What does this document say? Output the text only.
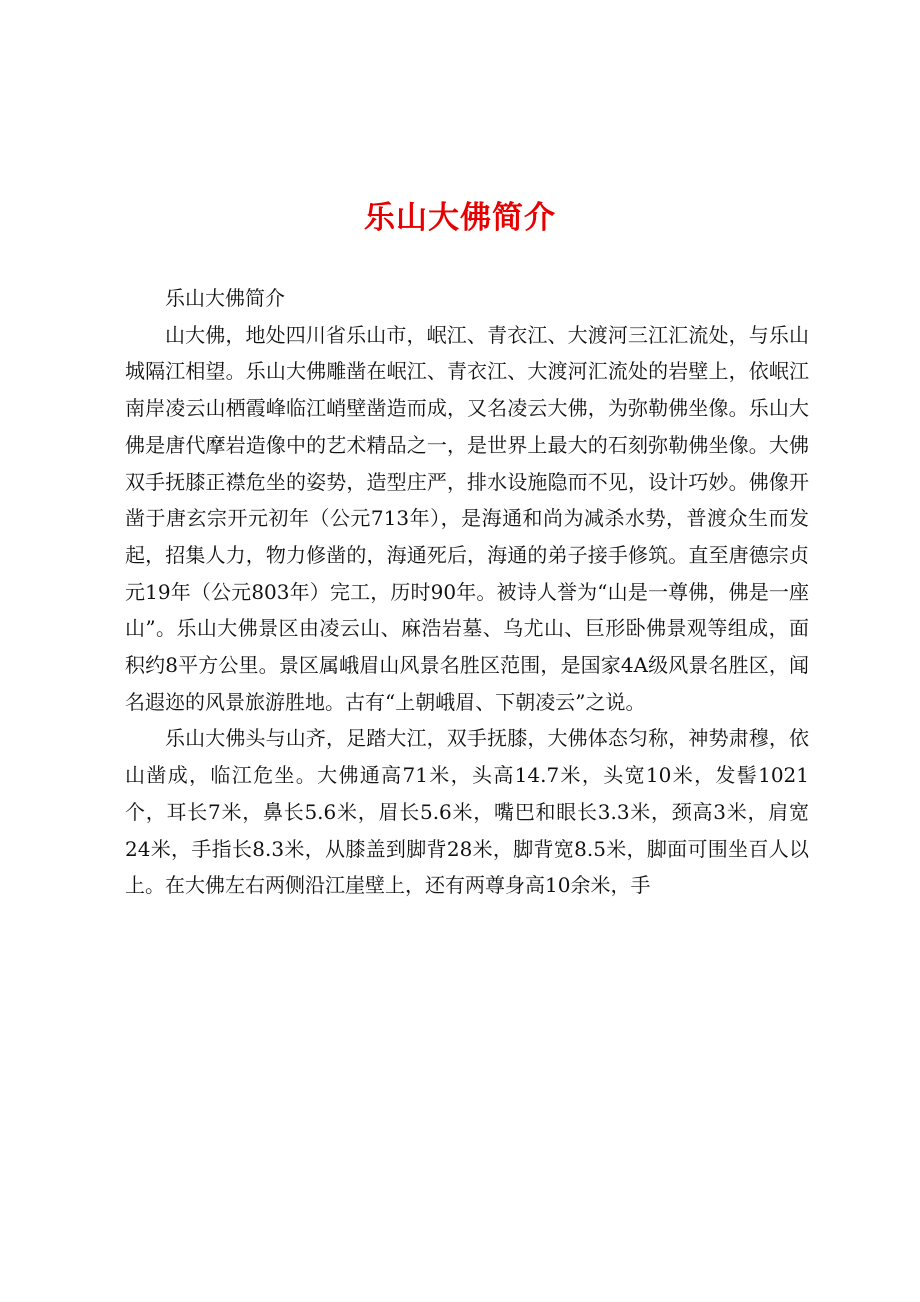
乐山大佛简介

乐山大佛简介

山大佛，地处四川省乐山市，岷江、青衣江、大渡河三江汇流处，与乐山城隔江相望。乐山大佛雕凿在岷江、青衣江、大渡河汇流处的岩壁上，依岷江南岸凌云山栖霞峰临江峭壁凿造而成，又名凌云大佛，为弥勒佛坐像。乐山大佛是唐代摩岩造像中的艺术精品之一，是世界上最大的石刻弥勒佛坐像。大佛双手抚膝正襟危坐的姿势，造型庄严，排水设施隐而不见，设计巧妙。佛像开凿于唐玄宗开元初年（公元713年），是海通和尚为减杀水势，普渡众生而发起，招集人力，物力修凿的，海通死后，海通的弟子接手修筑。直至唐德宗贞元19年（公元803年）完工，历时90年。被诗人誉为“山是一尊佛，佛是一座山”。乐山大佛景区由凌云山、麻浩岩墓、乌尤山、巨形卧佛景观等组成，面积约8平方公里。景区属峨眉山风景名胜区范围，是国家4A级风景名胜区，闻名遐迩的风景旅游胜地。古有“上朝峨眉、下朝凌云”之说。

乐山大佛头与山齐，足踏大江，双手抚膝，大佛体态匀称，神势肃穆，依山凿成，临江危坐。大佛通高71米，头高14.7米，头宽10米，发髻1021个，耳长7米，鼻长5.6米，眉长5.6米，嘴巴和眼长3.3米，颈高3米，肩宽24米，手指长8.3米，从膝盖到脚背28米，脚背宽8.5米，脚面可围坐百人以上。在大佛左右两侧沿江崖壁上，还有两尊身高10余米，手
